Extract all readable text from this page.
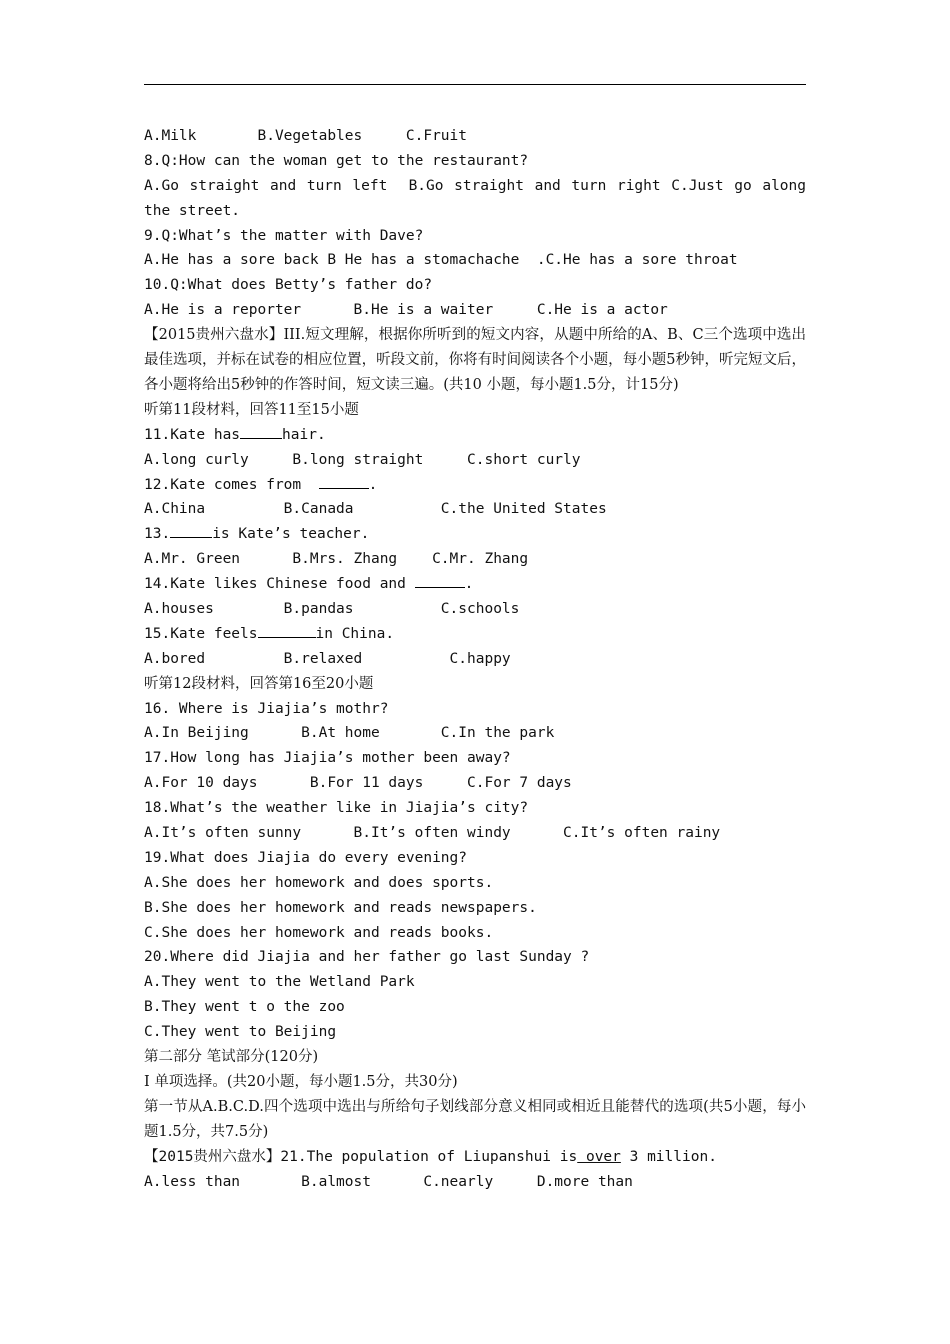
A.Milk       B.Vegetables     C.Fruit
8.Q:How can the woman get to the restaurant?
A.Go straight and turn left  B.Go straight and turn right C.Just go along the street.
9.Q:What’s the matter with Dave?
A.He has a sore back B He has a stomachache  .C.He has a sore throat
10.Q:What does Betty’s father do?
A.He is a reporter      B.He is a waiter     C.He is a actor
【2015贵州六盘水】III.短文理解，根据你所听到的短文内容，从题中所给的A、B、C三个选项中选出最佳选项，并标在试卷的相应位置，听段文前，你将有时间阅读各个小题，每小题5秒钟，听完短文后，各小题将给出5秒钟的作答时间，短文读三遍。(共10 小题，每小题1.5分，计15分)
听第11段材料，回答11至15小题
11.Kate has	hair.
A.long curly     B.long straight     C.short curly
12.Kate comes from	.
A.China         B.Canada          C.the United States
13.	is Kate’s teacher.
A.Mr. Green      B.Mrs. Zhang    C.Mr. Zhang
14.Kate likes Chinese food and	.
A.houses        B.pandas          C.schools
15.Kate feels	in China.
A.bored         B.relaxed          C.happy
听第12段材料，回答第16至20小题
16. Where is Jiajia’s mothr?
A.In Beijing      B.At home       C.In the park
17.How long has Jiajia’s mother been away?
A.For 10 days      B.For 11 days     C.For 7 days
18.What’s the weather like in Jiajia’s city?
A.It’s often sunny      B.It’s often windy      C.It’s often rainy
19.What does Jiajia do every evening?
A.She does her homework and does sports.
B.She does her homework and reads newspapers.
C.She does her homework and reads books.
20.Where did Jiajia and her father go last Sunday ?
A.They went to the Wetland Park
B.They went t o the zoo
C.They went to Beijing
第二部分 笔试部分(120分)
I 单项选择。(共20小题，每小题1.5分，共30分)
第一节从A.B.C.D.四个选项中选出与所给句子划线部分意义相同或相近且能替代的选项(共5小题，每小题1.5分，共7.5分)
【2015贵州六盘水】21.The population of Liupanshui is over 3 million.
A.less than       B.almost      C.nearly     D.more than
